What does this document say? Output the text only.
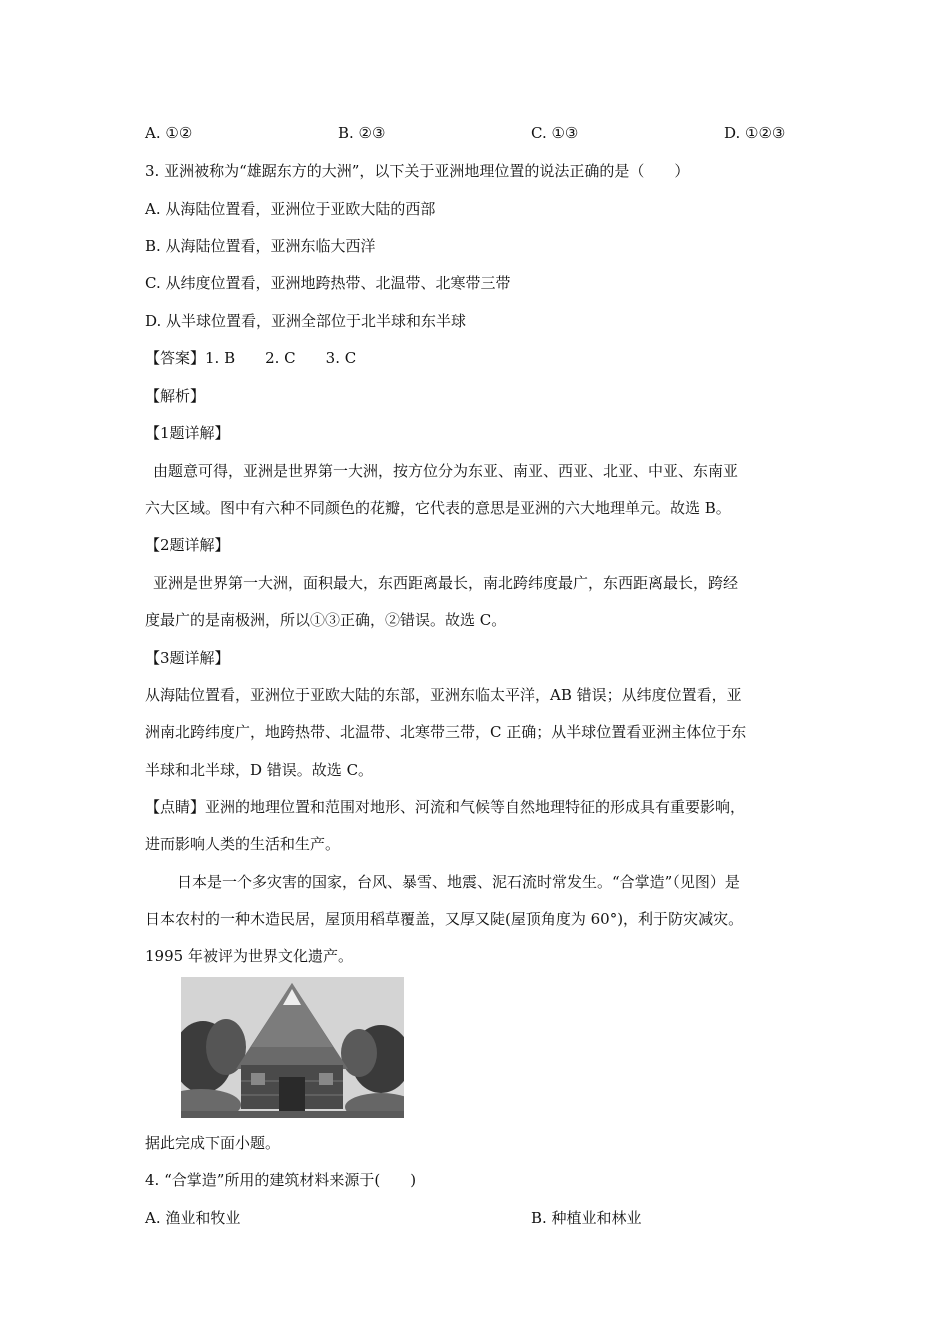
A. ①②	B. ②③	C. ①③	D. ①②③
3. 亚洲被称为“雄踞东方的大洲”，以下关于亚洲地理位置的说法正确的是（　　）
A. 从海陆位置看，亚洲位于亚欧大陆的西部
B. 从海陆位置看，亚洲东临大西洋
C. 从纬度位置看，亚洲地跨热带、北温带、北寒带三带
D. 从半球位置看，亚洲全部位于北半球和东半球
【答案】1. B　　2. C　　3. C
【解析】
【1题详解】
由题意可得，亚洲是世界第一大洲，按方位分为东亚、南亚、西亚、北亚、中亚、东南亚
六大区域。图中有六种不同颜色的花瓣，它代表的意思是亚洲的六大地理单元。故选 B。
【2题详解】
亚洲是世界第一大洲，面积最大，东西距离最长，南北跨纬度最广，东西距离最长，跨经
度最广的是南极洲，所以①③正确，②错误。故选 C。
【3题详解】
从海陆位置看，亚洲位于亚欧大陆的东部，亚洲东临太平洋，AB 错误；从纬度位置看，亚
洲南北跨纬度广，地跨热带、北温带、北寒带三带，C 正确；从半球位置看亚洲主体位于东
半球和北半球，D 错误。故选 C。
【点睛】亚洲的地理位置和范围对地形、河流和气候等自然地理特征的形成具有重要影响，
进而影响人类的生活和生产。
日本是一个多灾害的国家，台风、暴雪、地震、泥石流时常发生。“合掌造”（见图）是
日本农村的一种木造民居，屋顶用稻草覆盖，又厚又陡(屋顶角度为 60°)，利于防灾减灾。
1995 年被评为世界文化遗产。
据此完成下面小题。
4. “合掌造”所用的建筑材料来源于(　　)
A. 渔业和牧业	B. 种植业和林业
